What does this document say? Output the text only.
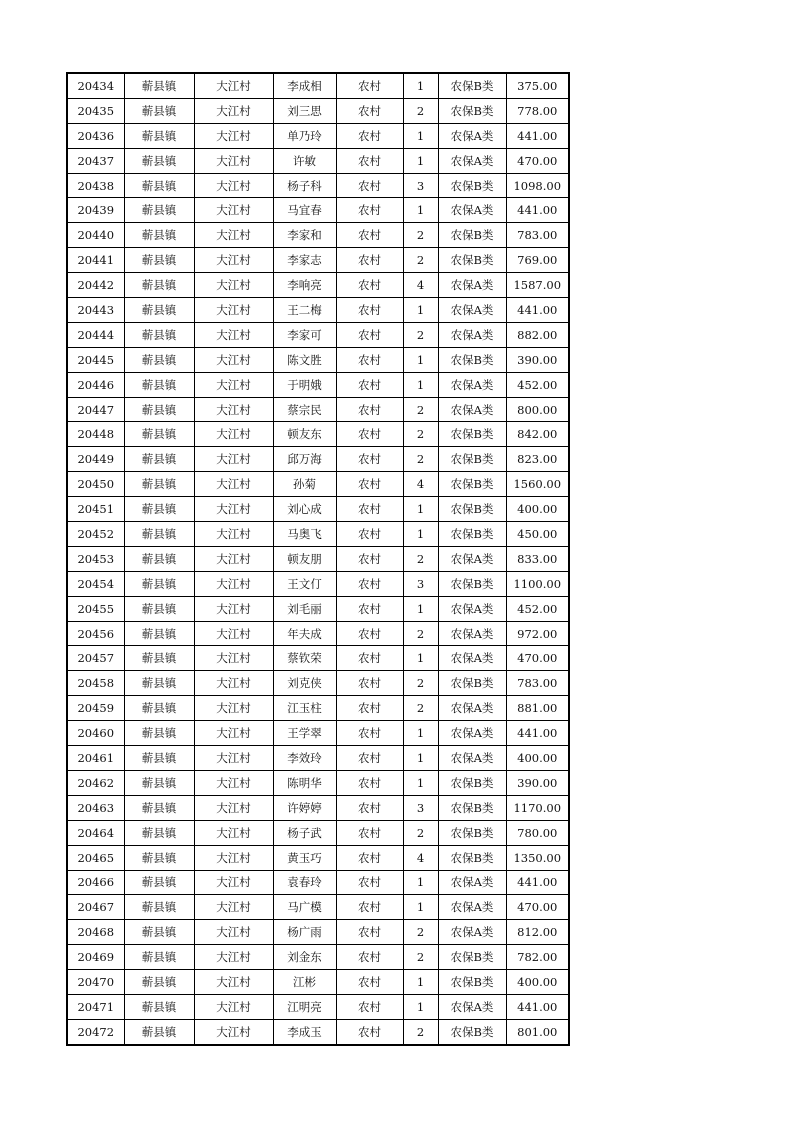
20434	蕲县镇	大江村	李成相	农村	1	农保B类	375.00
20435	蕲县镇	大江村	刘三思	农村	2	农保B类	778.00
20436	蕲县镇	大江村	单乃玲	农村	1	农保A类	441.00
20437	蕲县镇	大江村	许敏	农村	1	农保A类	470.00
20438	蕲县镇	大江村	杨子科	农村	3	农保B类	1098.00
20439	蕲县镇	大江村	马宜春	农村	1	农保A类	441.00
20440	蕲县镇	大江村	李家和	农村	2	农保B类	783.00
20441	蕲县镇	大江村	李家志	农村	2	农保B类	769.00
20442	蕲县镇	大江村	李响亮	农村	4	农保A类	1587.00
20443	蕲县镇	大江村	王二梅	农村	1	农保A类	441.00
20444	蕲县镇	大江村	李家可	农村	2	农保A类	882.00
20445	蕲县镇	大江村	陈文胜	农村	1	农保B类	390.00
20446	蕲县镇	大江村	于明娥	农村	1	农保A类	452.00
20447	蕲县镇	大江村	蔡宗民	农村	2	农保A类	800.00
20448	蕲县镇	大江村	顿友东	农村	2	农保B类	842.00
20449	蕲县镇	大江村	邱万海	农村	2	农保B类	823.00
20450	蕲县镇	大江村	孙菊	农村	4	农保B类	1560.00
20451	蕲县镇	大江村	刘心成	农村	1	农保B类	400.00
20452	蕲县镇	大江村	马奥飞	农村	1	农保B类	450.00
20453	蕲县镇	大江村	顿友朋	农村	2	农保A类	833.00
20454	蕲县镇	大江村	王文仃	农村	3	农保B类	1100.00
20455	蕲县镇	大江村	刘毛丽	农村	1	农保A类	452.00
20456	蕲县镇	大江村	年夫成	农村	2	农保A类	972.00
20457	蕲县镇	大江村	蔡钦荣	农村	1	农保A类	470.00
20458	蕲县镇	大江村	刘克侠	农村	2	农保B类	783.00
20459	蕲县镇	大江村	江玉柱	农村	2	农保A类	881.00
20460	蕲县镇	大江村	王学翠	农村	1	农保A类	441.00
20461	蕲县镇	大江村	李效玲	农村	1	农保A类	400.00
20462	蕲县镇	大江村	陈明华	农村	1	农保B类	390.00
20463	蕲县镇	大江村	许婷婷	农村	3	农保B类	1170.00
20464	蕲县镇	大江村	杨子武	农村	2	农保B类	780.00
20465	蕲县镇	大江村	黄玉巧	农村	4	农保B类	1350.00
20466	蕲县镇	大江村	袁春玲	农村	1	农保A类	441.00
20467	蕲县镇	大江村	马广模	农村	1	农保A类	470.00
20468	蕲县镇	大江村	杨广雨	农村	2	农保A类	812.00
20469	蕲县镇	大江村	刘金东	农村	2	农保B类	782.00
20470	蕲县镇	大江村	江彬	农村	1	农保B类	400.00
20471	蕲县镇	大江村	江明亮	农村	1	农保A类	441.00
20472	蕲县镇	大江村	李成玉	农村	2	农保B类	801.00
